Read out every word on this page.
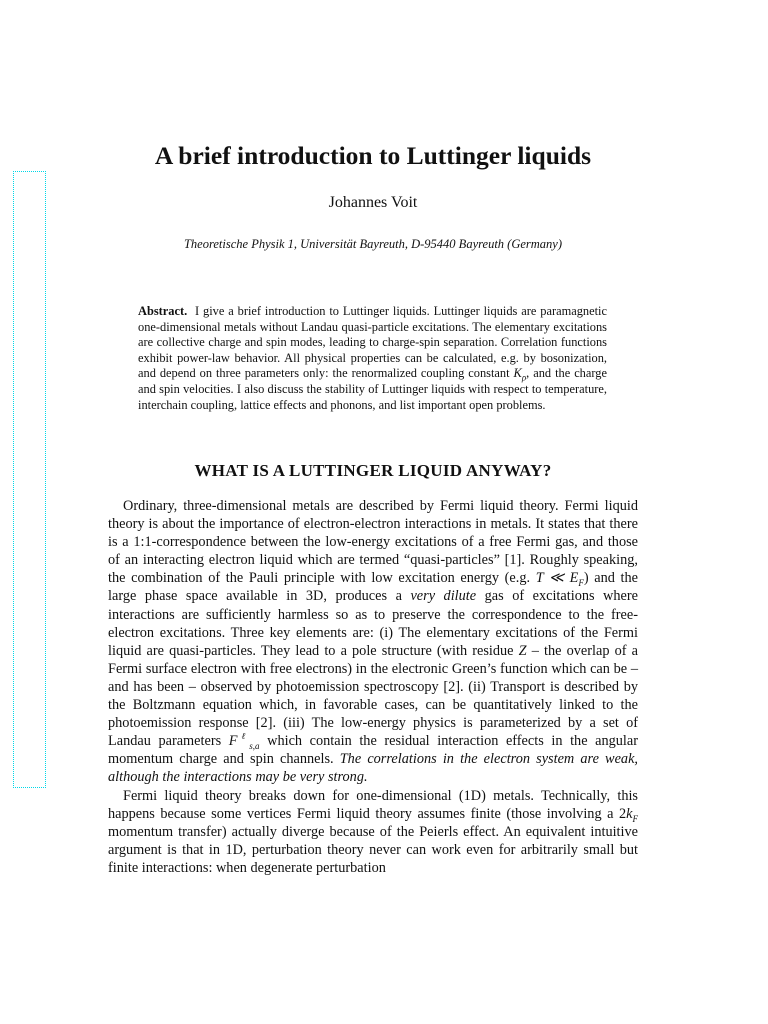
A brief introduction to Luttinger liquids

Johannes Voit

Theoretische Physik 1, Universität Bayreuth, D-95440 Bayreuth (Germany)

Abstract. I give a brief introduction to Luttinger liquids. Luttinger liquids are paramagnetic one-dimensional metals without Landau quasi-particle excitations. The elementary excitations are collective charge and spin modes, leading to charge-spin separation. Correlation functions exhibit power-law behavior. All physical properties can be calculated, e.g. by bosonization, and depend on three parameters only: the renormalized coupling constant $K_\rho$, and the charge and spin velocities. I also discuss the stability of Luttinger liquids with respect to temperature, interchain coupling, lattice effects and phonons, and list important open problems.

WHAT IS A LUTTINGER LIQUID ANYWAY?

Ordinary, three-dimensional metals are described by Fermi liquid theory. Fermi liquid theory is about the importance of electron-electron interactions in metals. It states that there is a 1:1-correspondence between the low-energy excitations of a free Fermi gas, and those of an interacting electron liquid which are termed “quasi-particles” [1]. Roughly speaking, the combination of the Pauli principle with low excitation energy (e.g. T ≪ $E_F$) and the large phase space available in 3D, produces a very dilute gas of excitations where interactions are sufficiently harmless so as to preserve the correspondence to the free-electron excitations. Three key elements are: (i) The elementary excitations of the Fermi liquid are quasi-particles. They lead to a pole structure (with residue Z – the overlap of a Fermi surface electron with free electrons) in the electronic Green’s function which can be – and has been – observed by photoemission spectroscopy [2]. (ii) Transport is described by the Boltzmann equation which, in favorable cases, can be quantitatively linked to the photoemission response [2]. (iii) The low-energy physics is parameterized by a set of Landau parameters $F^\ell_{s,a}$ which contain the residual interaction effects in the angular momentum charge and spin channels. The correlations in the electron system are weak, although the interactions may be very strong.

Fermi liquid theory breaks down for one-dimensional (1D) metals. Technically, this happens because some vertices Fermi liquid theory assumes finite (those involving a $2k_F$ momentum transfer) actually diverge because of the Peierls effect. An equivalent intuitive argument is that in 1D, perturbation theory never can work even for arbitrarily small but finite interactions: when degenerate perturbation
